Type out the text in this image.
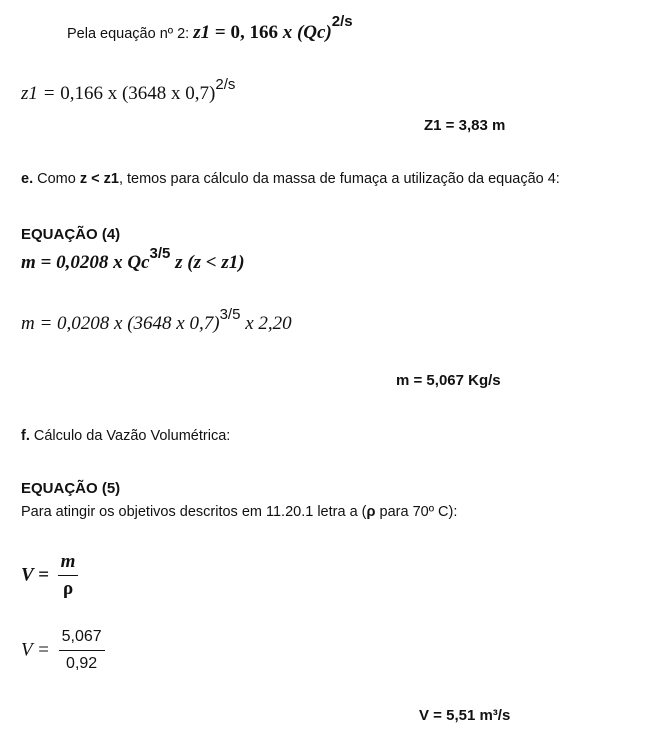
Pela equação nº 2: z1 = 0, 166 x (Qc)2/s
z1 = 0,166 x (3648 x 0,7)2/s
Z1 = 3,83 m
e. Como z < z1, temos para cálculo da massa de fumaça a utilização da equação 4:
EQUAÇÃO (4)
m = 0,0208 x Qc3/5 z (z < z1)
m = 0,0208 x (3648 x 0,7)3/5 x 2,20
m = 5,067 Kg/s
f. Cálculo da Vazão Volumétrica:
EQUAÇÃO (5)
Para atingir os objetivos descritos em 11.20.1 letra a (ρ para 70º C):
$V = \frac{m}{\rho}$
$V = \frac{5,067}{0,92}$
V = 5,51 m³/s
